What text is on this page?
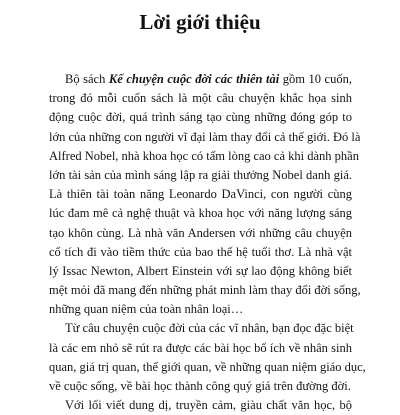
Lời giới thiệu
Bộ sách Kể chuyện cuộc đời các thiên tài gồm 10 cuốn,
trong đó mỗi cuốn sách là một câu chuyện khắc họa sinh
động cuộc đời, quá trình sáng tạo cùng những đóng góp to
lớn của những con người vĩ đại làm thay đổi cả thế giới. Đó là
Alfred Nobel, nhà khoa học có tấm lòng cao cả khi dành phần
lớn tài sản của mình sáng lập ra giải thưởng Nobel danh giá.
Là thiên tài toàn năng Leonardo DaVinci, con người cùng
lúc đam mê cả nghệ thuật và khoa học với năng lượng sáng
tạo khôn cùng. Là nhà văn Andersen với những câu chuyện
cổ tích đi vào tiềm thức của bao thế hệ tuổi thơ. Là nhà vật
lý Issac Newton, Albert Einstein với sự lao động không biết
mệt mỏi đã mang đến những phát minh làm thay đổi đời sống,
những quan niệm của toàn nhân loại…
Từ câu chuyện cuộc đời của các vĩ nhân, bạn đọc đặc biệt
là các em nhỏ sẽ rút ra được các bài học bổ ích về nhân sinh
quan, giá trị quan, thế giới quan, về những quan niệm giáo dục,
về cuộc sống, về bài học thành công quý giá trên đường đời.
Với lối viết dung dị, truyền cảm, giàu chất văn học, bộ
